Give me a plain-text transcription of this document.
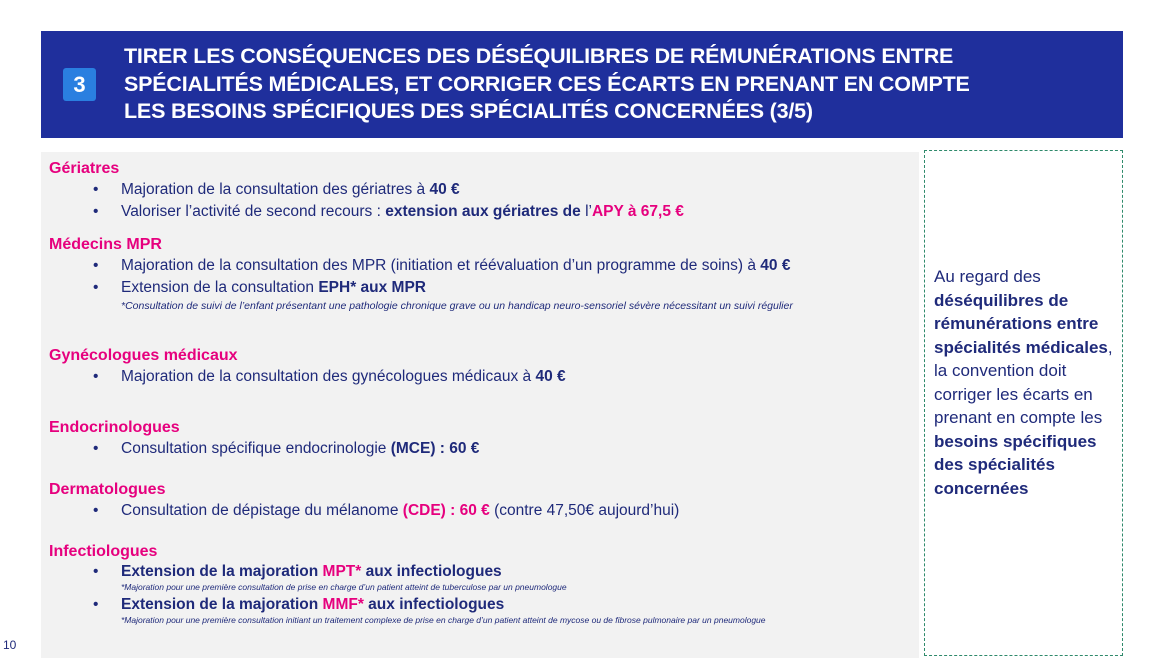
3
TIRER LES CONSÉQUENCES DES DÉSÉQUILIBRES DE RÉMUNÉRATIONS ENTRE
SPÉCIALITÉS MÉDICALES, ET CORRIGER CES ÉCARTS EN PRENANT EN COMPTE
LES BESOINS SPÉCIFIQUES DES SPÉCIALITÉS CONCERNÉES (3/5)
Gériatres
• Majoration de la consultation des gériatres à 40 €
• Valoriser l’activité de second recours : extension aux gériatres de l’APY à 67,5 €
Médecins MPR
• Majoration de la consultation des MPR (initiation et réévaluation d’un programme de soins) à 40 €
• Extension de la consultation EPH* aux MPR
*Consultation de suivi de l’enfant présentant une pathologie chronique grave ou un handicap neuro-sensoriel sévère nécessitant un suivi régulier
Gynécologues médicaux
• Majoration de la consultation des gynécologues médicaux à 40 €
Endocrinologues
• Consultation spécifique endocrinologie (MCE) : 60 €
Dermatologues
• Consultation de dépistage du mélanome (CDE) : 60 € (contre 47,50€ aujourd’hui)
Infectiologues
• Extension de la majoration MPT* aux infectiologues
*Majoration pour une première consultation de prise en charge d’un patient atteint de tuberculose par un pneumologue
• Extension de la majoration MMF* aux infectiologues
*Majoration pour une première consultation initiant un traitement complexe de prise en charge d’un patient atteint de mycose ou de fibrose pulmonaire par un pneumologue
Au regard des déséquilibres de rémunérations entre spécialités médicales, la convention doit corriger les écarts en prenant en compte les besoins spécifiques des spécialités concernées
10
